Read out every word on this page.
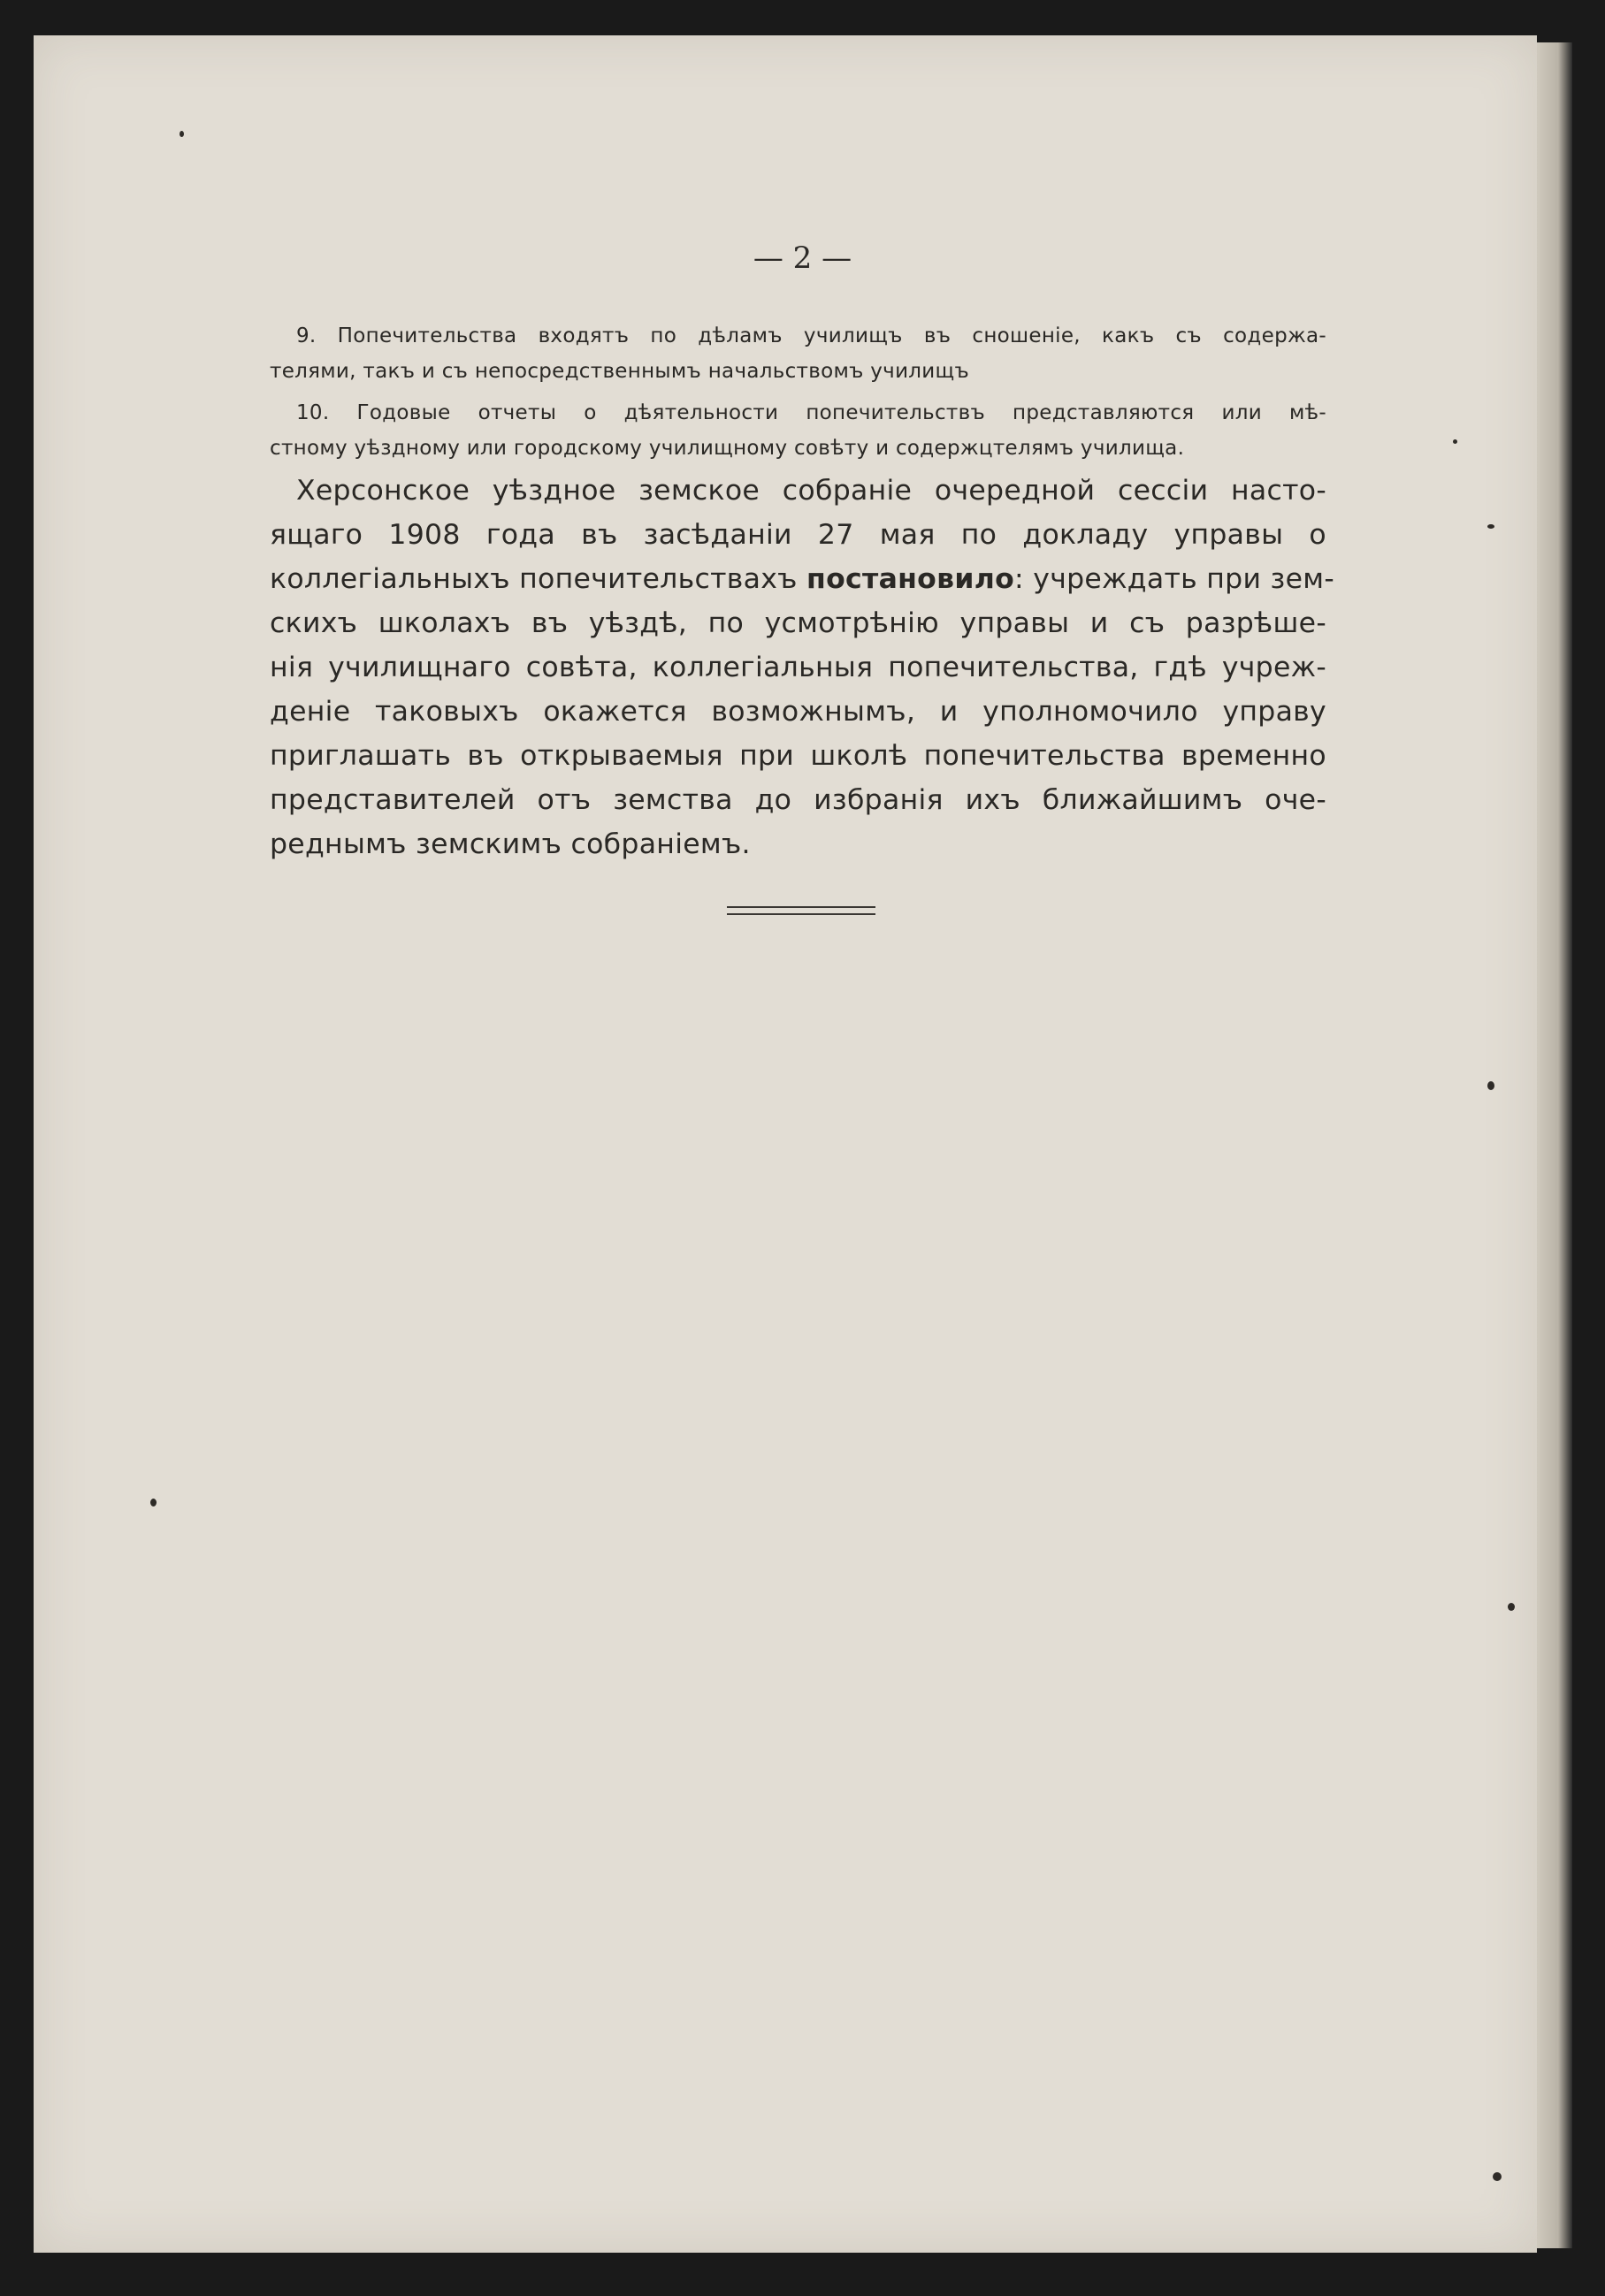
— 2 —
9. Попечительства входятъ по дѣламъ училищъ въ сношеніе, какъ съ содержа-
телями, такъ и съ непосредственнымъ начальствомъ училищъ
10. Годовые отчеты о дѣятельности попечительствъ представляются или мѣ-
стному уѣздному или городскому училищному совѣту и содержцтелямъ училища.
Херсонское уѣздное земское собраніе очередной сессіи насто-
ящаго 1908 года въ засѣданіи 27 мая по докладу управы о
коллегіальныхъ попечительствахъ постановило: учреждать при зем-
скихъ школахъ въ уѣздѣ, по усмотрѣнію управы и съ разрѣше-
нія училищнаго совѣта, коллегіальныя попечительства, гдѣ учреж-
деніе таковыхъ окажется возможнымъ, и уполномочило управу
приглашать въ открываемыя при школѣ попечительства временно
представителей отъ земства до избранія ихъ ближайшимъ оче-
реднымъ земскимъ собраніемъ.
